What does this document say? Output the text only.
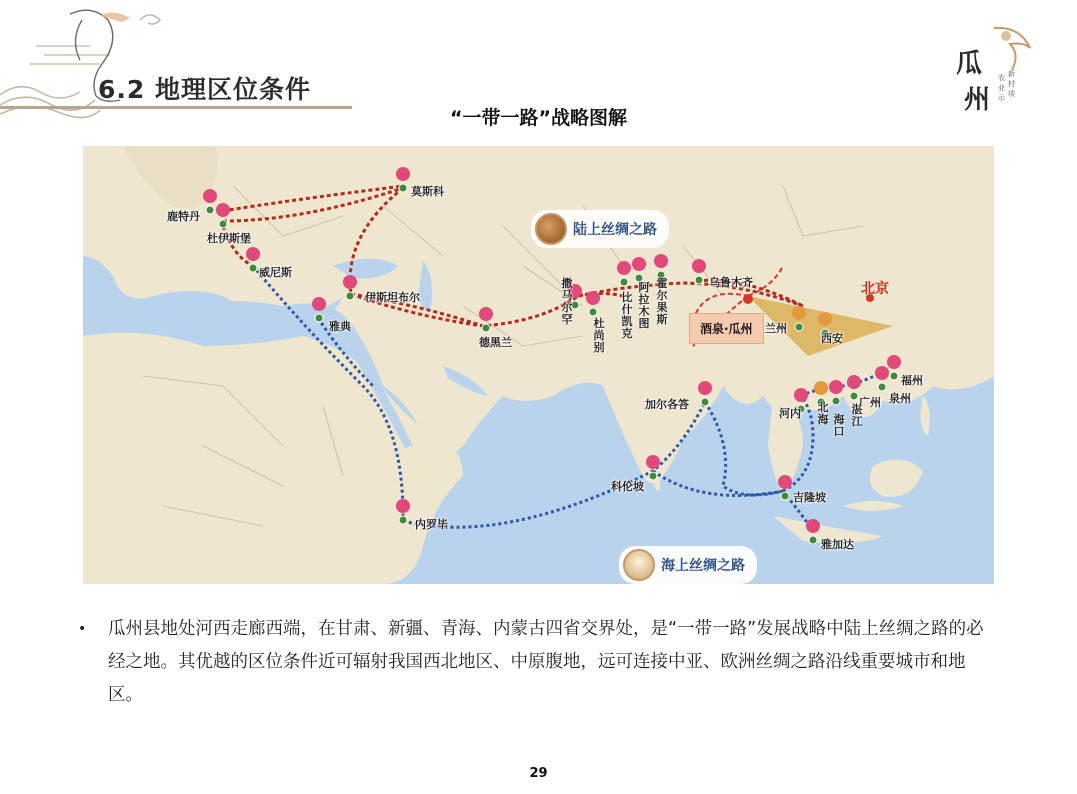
6.2 地理区位条件
瓜
州
新
村
项
农
业
示
“一带一路”战略图解
陆上丝绸之路
海上丝绸之路
酒泉·瓜州
北京
莫斯科
鹿特丹
杜伊斯堡
威尼斯
伊斯坦布尔
雅典
德黑兰
撒马尔罕
比什凯克
阿拉木图
杜尚别
霍尔果斯
乌鲁木齐
兰州
西安
加尔各答
科伦坡
内罗毕
吉隆坡
雅加达
河内 北海 海口
湛江
广州 泉州
福州
• 瓜州县地处河西走廊西端，在甘肃、新疆、青海、内蒙古四省交界处，是“一带一路”发展战略中陆上丝绸之路的必经之地。其优越的区位条件近可辐射我国西北地区、中原腹地，远可连接中亚、欧洲丝绸之路沿线重要城市和地区。
29
